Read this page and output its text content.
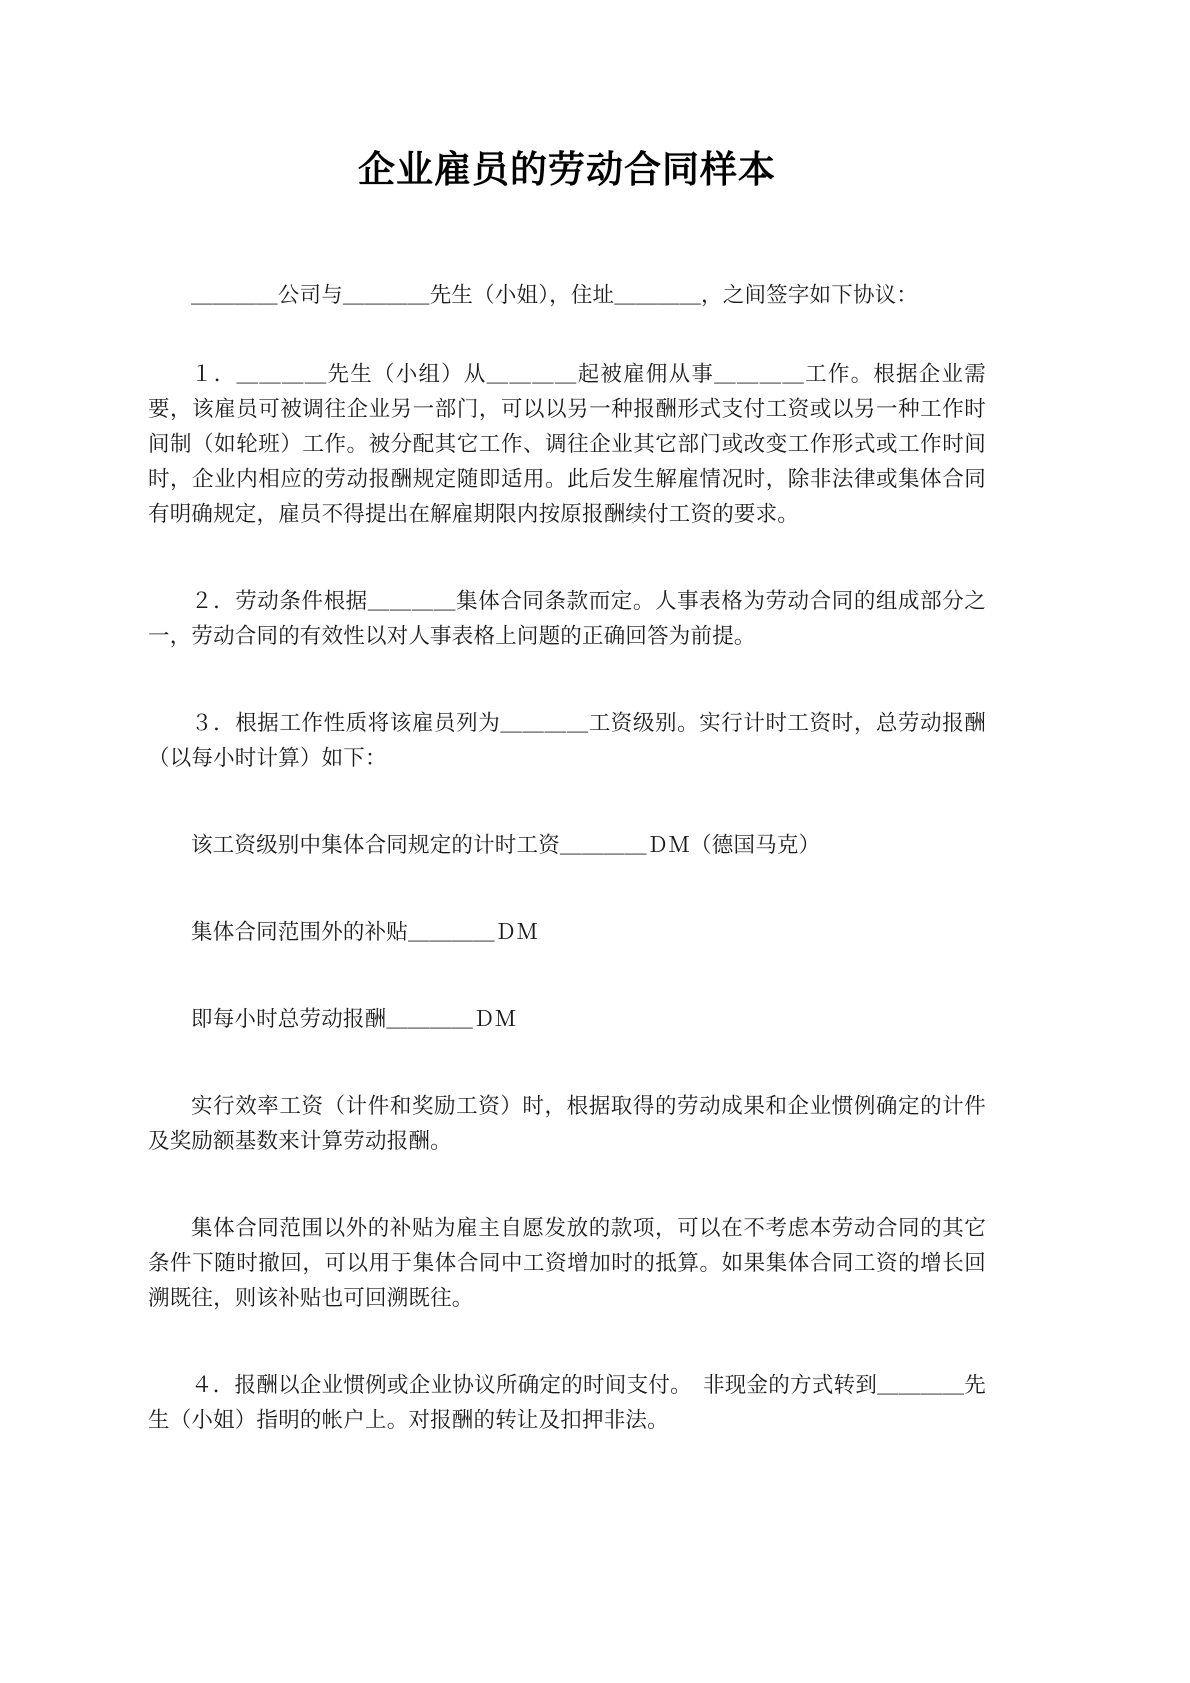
企业雇员的劳动合同样本

＿＿＿＿公司与＿＿＿＿先生（小姐），住址＿＿＿＿，之间签字如下协议：

１．＿＿＿＿先生（小组）从＿＿＿＿起被雇佣从事＿＿＿＿工作。根据企业需要，该雇员可被调往企业另一部门，可以以另一种报酬形式支付工资或以另一种工作时间制（如轮班）工作。被分配其它工作、调往企业其它部门或改变工作形式或工作时间时，企业内相应的劳动报酬规定随即适用。此后发生解雇情况时，除非法律或集体合同有明确规定，雇员不得提出在解雇期限内按原报酬续付工资的要求。

２．劳动条件根据＿＿＿＿集体合同条款而定。人事表格为劳动合同的组成部分之一，劳动合同的有效性以对人事表格上问题的正确回答为前提。

３．根据工作性质将该雇员列为＿＿＿＿工资级别。实行计时工资时，总劳动报酬（以每小时计算）如下：

该工资级别中集体合同规定的计时工资＿＿＿＿ＤＭ（德国马克）

集体合同范围外的补贴＿＿＿＿ＤＭ

即每小时总劳动报酬＿＿＿＿ＤＭ

实行效率工资（计件和奖励工资）时，根据取得的劳动成果和企业惯例确定的计件及奖励额基数来计算劳动报酬。

集体合同范围以外的补贴为雇主自愿发放的款项，可以在不考虑本劳动合同的其它条件下随时撤回，可以用于集体合同中工资增加时的抵算。如果集体合同工资的增长回溯既往，则该补贴也可回溯既往。

４．报酬以企业惯例或企业协议所确定的时间支付。　非现金的方式转到＿＿＿＿先生（小姐）指明的帐户上。对报酬的转让及扣押非法。
